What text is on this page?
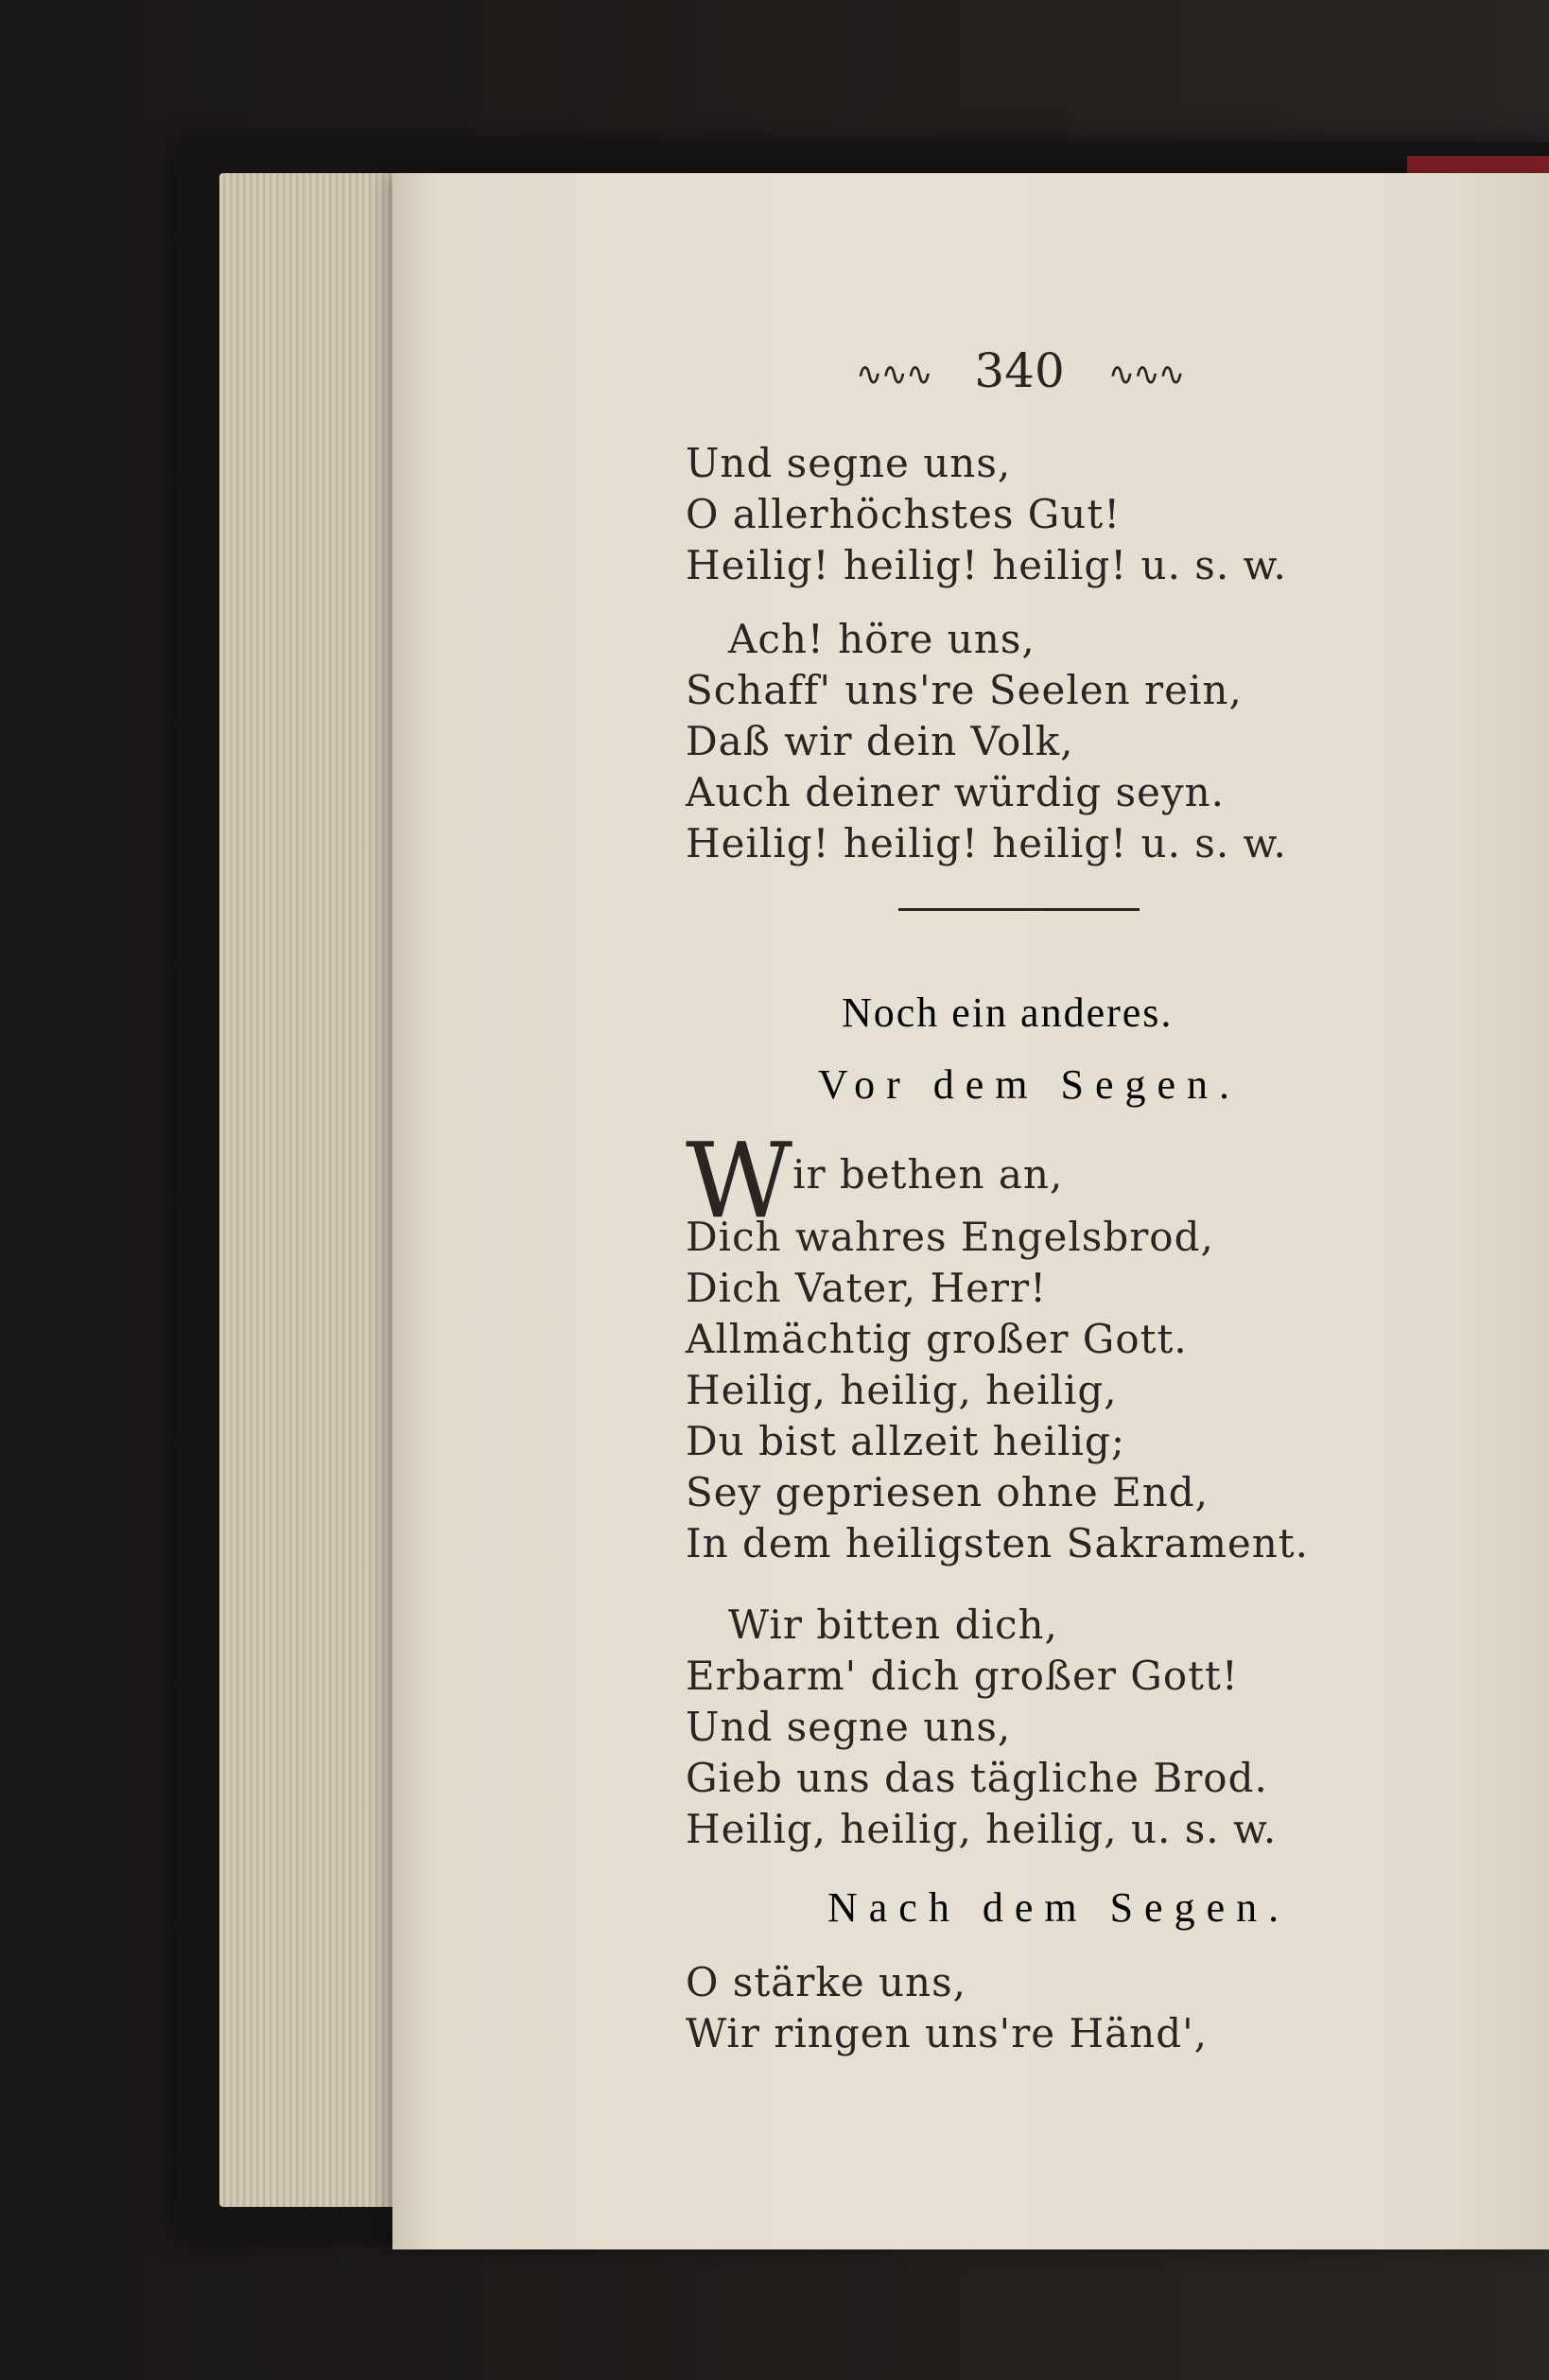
∿∿∿ 340 ∿∿∿
Und segne uns,
O allerhöchstes Gut!
Heilig! heilig! heilig! u. s. w.
Ach! höre uns,
Schaff' uns're Seelen rein,
Daß wir dein Volk,
Auch deiner würdig seyn.
Heilig! heilig! heilig! u. s. w.
Noch ein anderes.
Vor dem Segen.
Wir bethen an,
Dich wahres Engelsbrod,
Dich Vater, Herr!
Allmächtig großer Gott.
Heilig, heilig, heilig,
Du bist allzeit heilig;
Sey gepriesen ohne End,
In dem heiligsten Sakrament.
Wir bitten dich,
Erbarm' dich großer Gott!
Und segne uns,
Gieb uns das tägliche Brod.
Heilig, heilig, heilig, u. s. w.
Nach dem Segen.
O stärke uns,
Wir ringen uns're Händ',
